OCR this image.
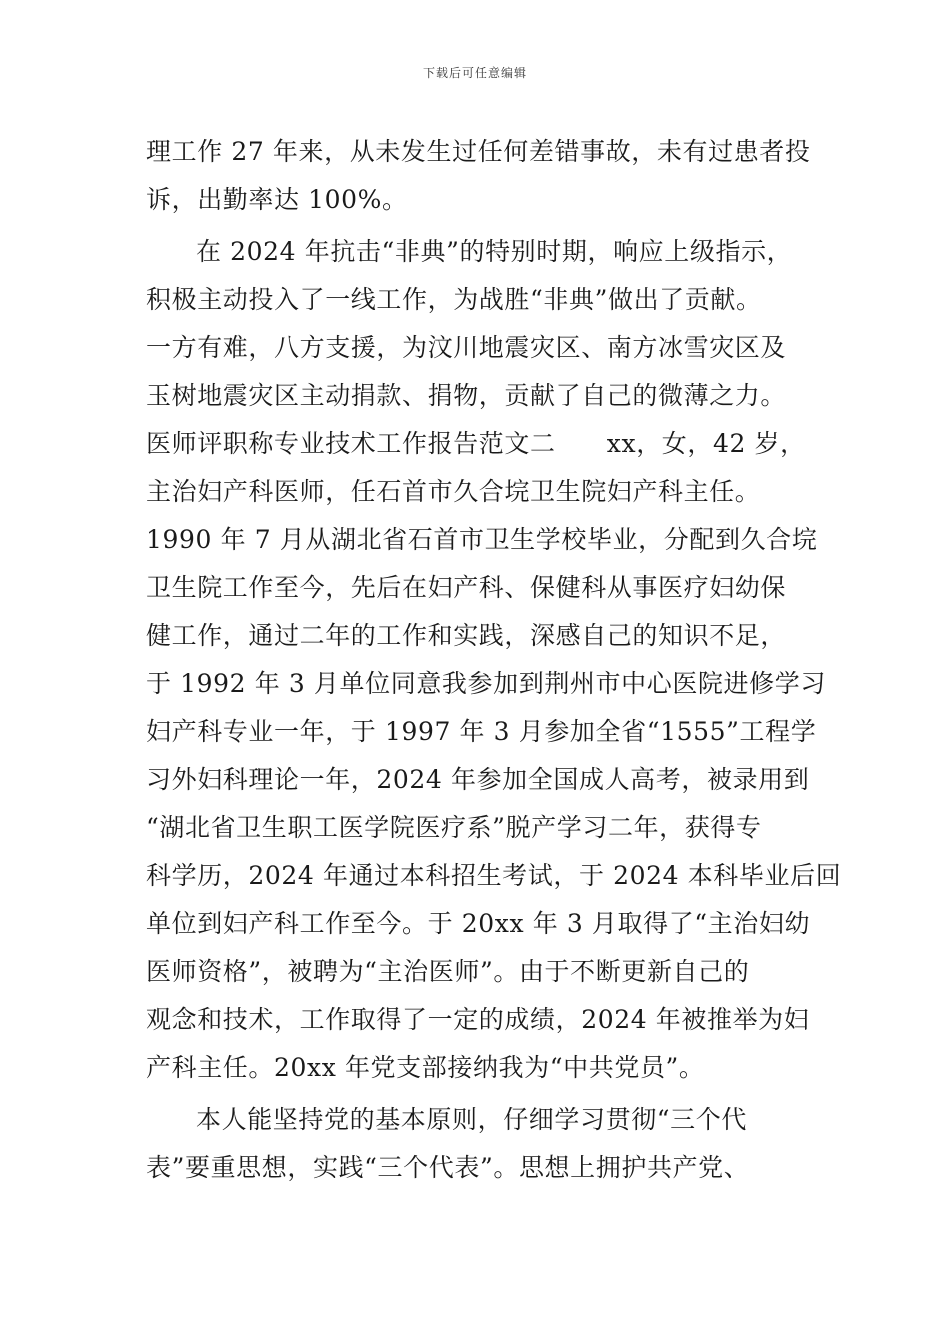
下载后可任意编辑
理工作 27 年来，从未发生过任何差错事故，未有过患者投
诉，出勤率达 100%。
在 2024 年抗击“非典”的特别时期，响应上级指示，
积极主动投入了一线工作，为战胜“非典”做出了贡献。
一方有难，八方支援，为汶川地震灾区、南方冰雪灾区及
玉树地震灾区主动捐款、捐物，贡献了自己的微薄之力。
医师评职称专业技术工作报告范文二　　xx，女，42 岁，
主治妇产科医师，任石首市久合垸卫生院妇产科主任。
1990 年 7 月从湖北省石首市卫生学校毕业，分配到久合垸
卫生院工作至今，先后在妇产科、保健科从事医疗妇幼保
健工作，通过二年的工作和实践，深感自己的知识不足，
于 1992 年 3 月单位同意我参加到荆州市中心医院进修学习
妇产科专业一年，于 1997 年 3 月参加全省“1555”工程学
习外妇科理论一年，2024 年参加全国成人高考，被录用到
“湖北省卫生职工医学院医疗系”脱产学习二年，获得专
科学历，2024 年通过本科招生考试，于 2024 本科毕业后回
单位到妇产科工作至今。于 20xx 年 3 月取得了“主治妇幼
医师资格”，被聘为“主治医师”。由于不断更新自己的
观念和技术，工作取得了一定的成绩，2024 年被推举为妇
产科主任。20xx 年党支部接纳我为“中共党员”。
本人能坚持党的基本原则，仔细学习贯彻“三个代
表”要重思想，实践“三个代表”。思想上拥护共产党、
